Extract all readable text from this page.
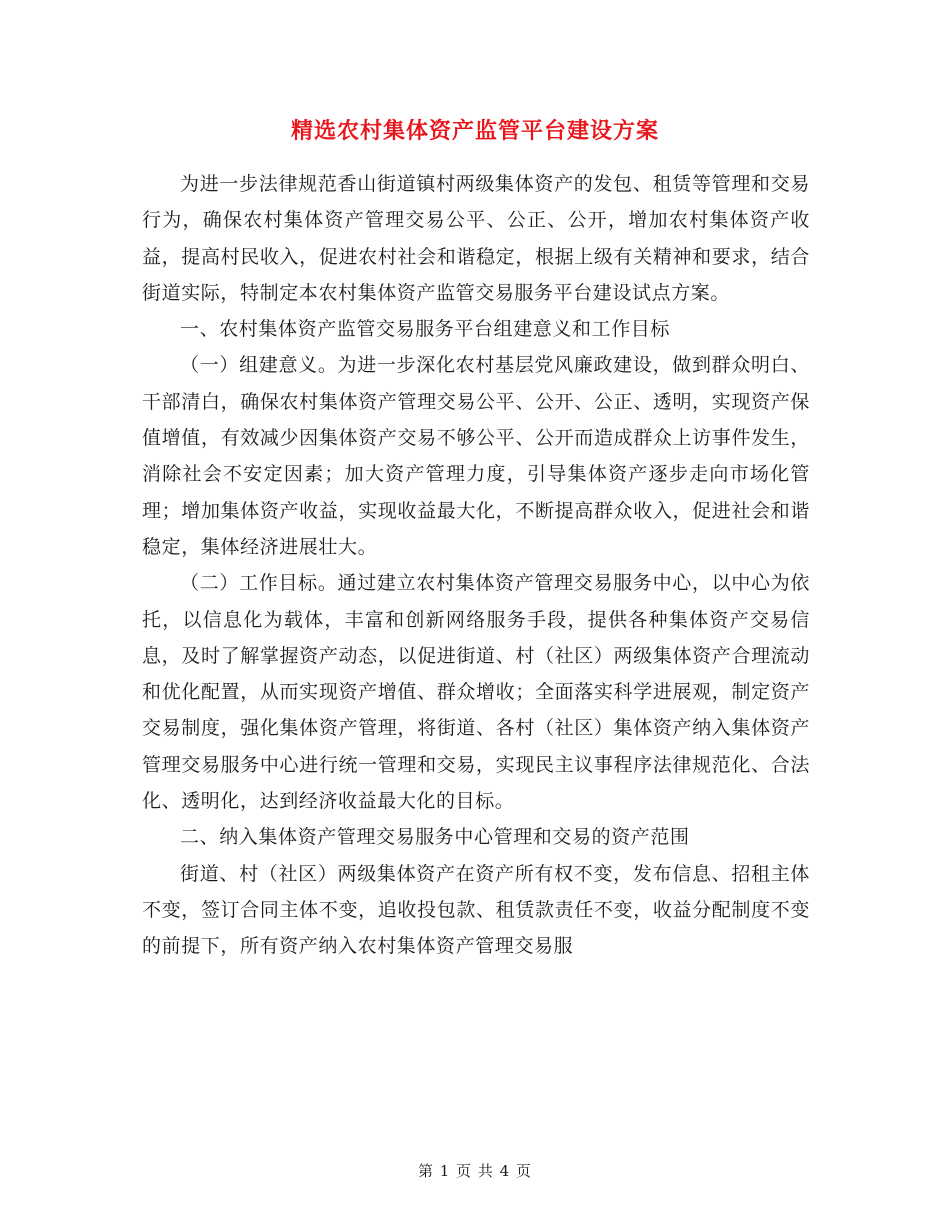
精选农村集体资产监管平台建设方案

为进一步法律规范香山街道镇村两级集体资产的发包、租赁等管理和交易行为，确保农村集体资产管理交易公平、公正、公开，增加农村集体资产收益，提高村民收入，促进农村社会和谐稳定，根据上级有关精神和要求，结合街道实际，特制定本农村集体资产监管交易服务平台建设试点方案。

一、农村集体资产监管交易服务平台组建意义和工作目标

（一）组建意义。为进一步深化农村基层党风廉政建设，做到群众明白、干部清白，确保农村集体资产管理交易公平、公开、公正、透明，实现资产保值增值，有效减少因集体资产交易不够公平、公开而造成群众上访事件发生，消除社会不安定因素；加大资产管理力度，引导集体资产逐步走向市场化管理；增加集体资产收益，实现收益最大化，不断提高群众收入，促进社会和谐稳定，集体经济进展壮大。

（二）工作目标。通过建立农村集体资产管理交易服务中心，以中心为依托，以信息化为载体，丰富和创新网络服务手段，提供各种集体资产交易信息，及时了解掌握资产动态，以促进街道、村（社区）两级集体资产合理流动和优化配置，从而实现资产增值、群众增收；全面落实科学进展观，制定资产交易制度，强化集体资产管理，将街道、各村（社区）集体资产纳入集体资产管理交易服务中心进行统一管理和交易，实现民主议事程序法律规范化、合法化、透明化，达到经济收益最大化的目标。

二、纳入集体资产管理交易服务中心管理和交易的资产范围

街道、村（社区）两级集体资产在资产所有权不变，发布信息、招租主体不变，签订合同主体不变，追收投包款、租赁款责任不变，收益分配制度不变的前提下，所有资产纳入农村集体资产管理交易服

第 1 页 共 4 页
